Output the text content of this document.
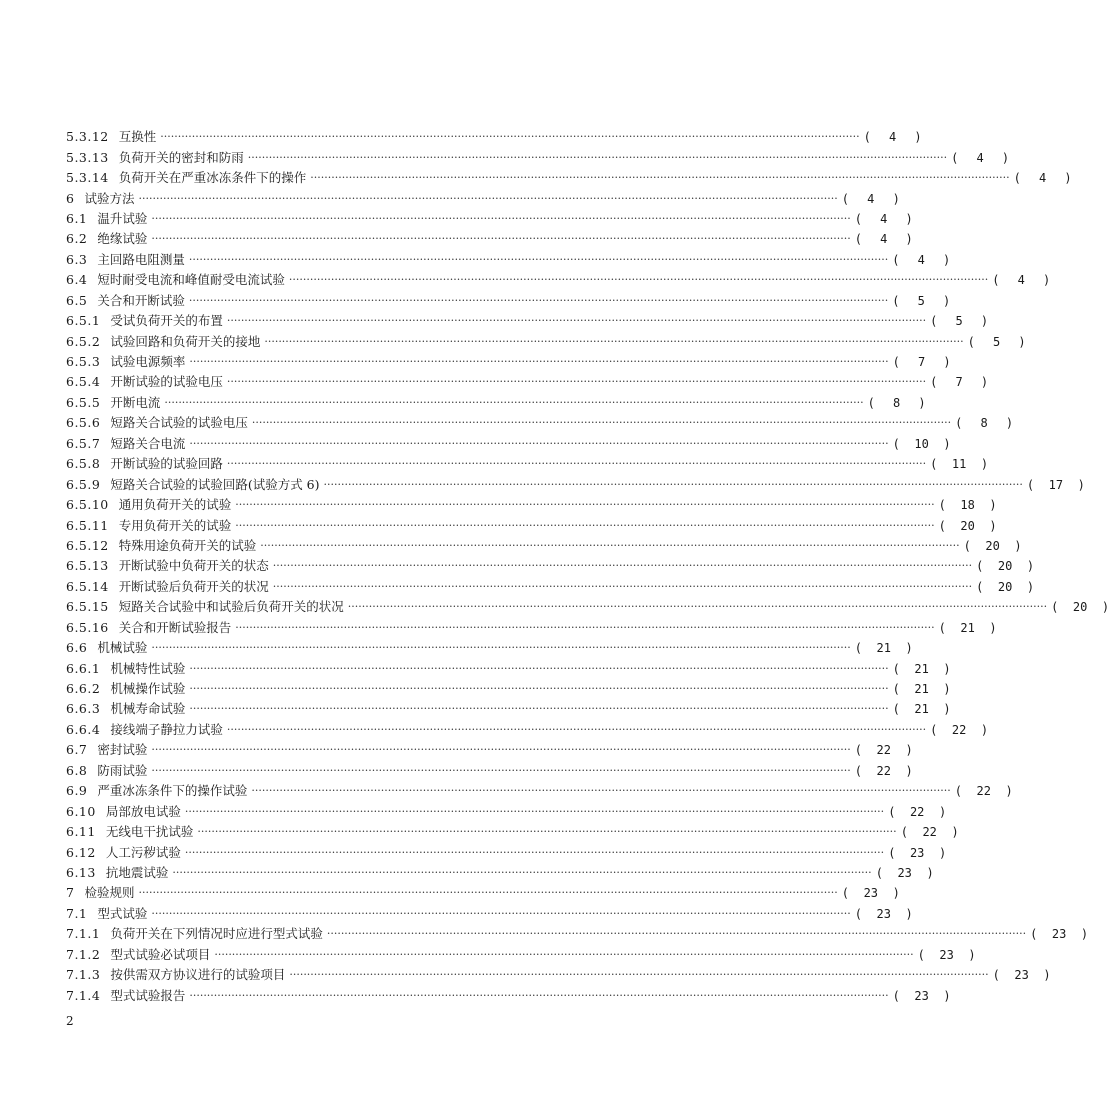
5.3.12 互换性 ········································································································································································································ (	4	)
5.3.13 负荷开关的密封和防雨 ········································································································································································································ (	4	)
5.3.14 负荷开关在严重冰冻条件下的操作 ········································································································································································································ (	4	)
6 试验方法 ········································································································································································································ (	4	)
6.1 温升试验 ········································································································································································································ (	4	)
6.2 绝缘试验 ········································································································································································································ (	4	)
6.3 主回路电阻测量 ········································································································································································································ (	4	)
6.4 短时耐受电流和峰值耐受电流试验 ········································································································································································································ (	4	)
6.5 关合和开断试验 ········································································································································································································ (	5	)
6.5.1 受试负荷开关的布置 ········································································································································································································ (	5	)
6.5.2 试验回路和负荷开关的接地 ········································································································································································································ (	5	)
6.5.3 试验电源频率 ········································································································································································································ (	7	)
6.5.4 开断试验的试验电压 ········································································································································································································ (	7	)
6.5.5 开断电流 ········································································································································································································ (	8	)
6.5.6 短路关合试验的试验电压 ········································································································································································································ (	8	)
6.5.7 短路关合电流 ········································································································································································································ (	10	)
6.5.8 开断试验的试验回路 ········································································································································································································ (	11	)
6.5.9 短路关合试验的试验回路(试验方式 6) ········································································································································································································ (	17	)
6.5.10 通用负荷开关的试验 ········································································································································································································ (	18	)
6.5.11 专用负荷开关的试验 ········································································································································································································ (	20	)
6.5.12 特殊用途负荷开关的试验 ········································································································································································································ (	20	)
6.5.13 开断试验中负荷开关的状态 ········································································································································································································ (	20	)
6.5.14 开断试验后负荷开关的状况 ········································································································································································································ (	20	)
6.5.15 短路关合试验中和试验后负荷开关的状况 ········································································································································································································ (	20	)
6.5.16 关合和开断试验报告 ········································································································································································································ (	21	)
6.6 机械试验 ········································································································································································································ (	21	)
6.6.1 机械特性试验 ········································································································································································································ (	21	)
6.6.2 机械操作试验 ········································································································································································································ (	21	)
6.6.3 机械寿命试验 ········································································································································································································ (	21	)
6.6.4 接线端子静拉力试验 ········································································································································································································ (	22	)
6.7 密封试验 ········································································································································································································ (	22	)
6.8 防雨试验 ········································································································································································································ (	22	)
6.9 严重冰冻条件下的操作试验 ········································································································································································································ (	22	)
6.10 局部放电试验 ········································································································································································································ (	22	)
6.11 无线电干扰试验 ········································································································································································································ (	22	)
6.12 人工污秽试验 ········································································································································································································ (	23	)
6.13 抗地震试验 ········································································································································································································ (	23	)
7 检验规则 ········································································································································································································ (	23	)
7.1 型式试验 ········································································································································································································ (	23	)
7.1.1 负荷开关在下列情况时应进行型式试验 ········································································································································································································ (	23	)
7.1.2 型式试验必试项目 ········································································································································································································ (	23	)
7.1.3 按供需双方协议进行的试验项目 ········································································································································································································ (	23	)
7.1.4 型式试验报告 ········································································································································································································ (	23	)
2
